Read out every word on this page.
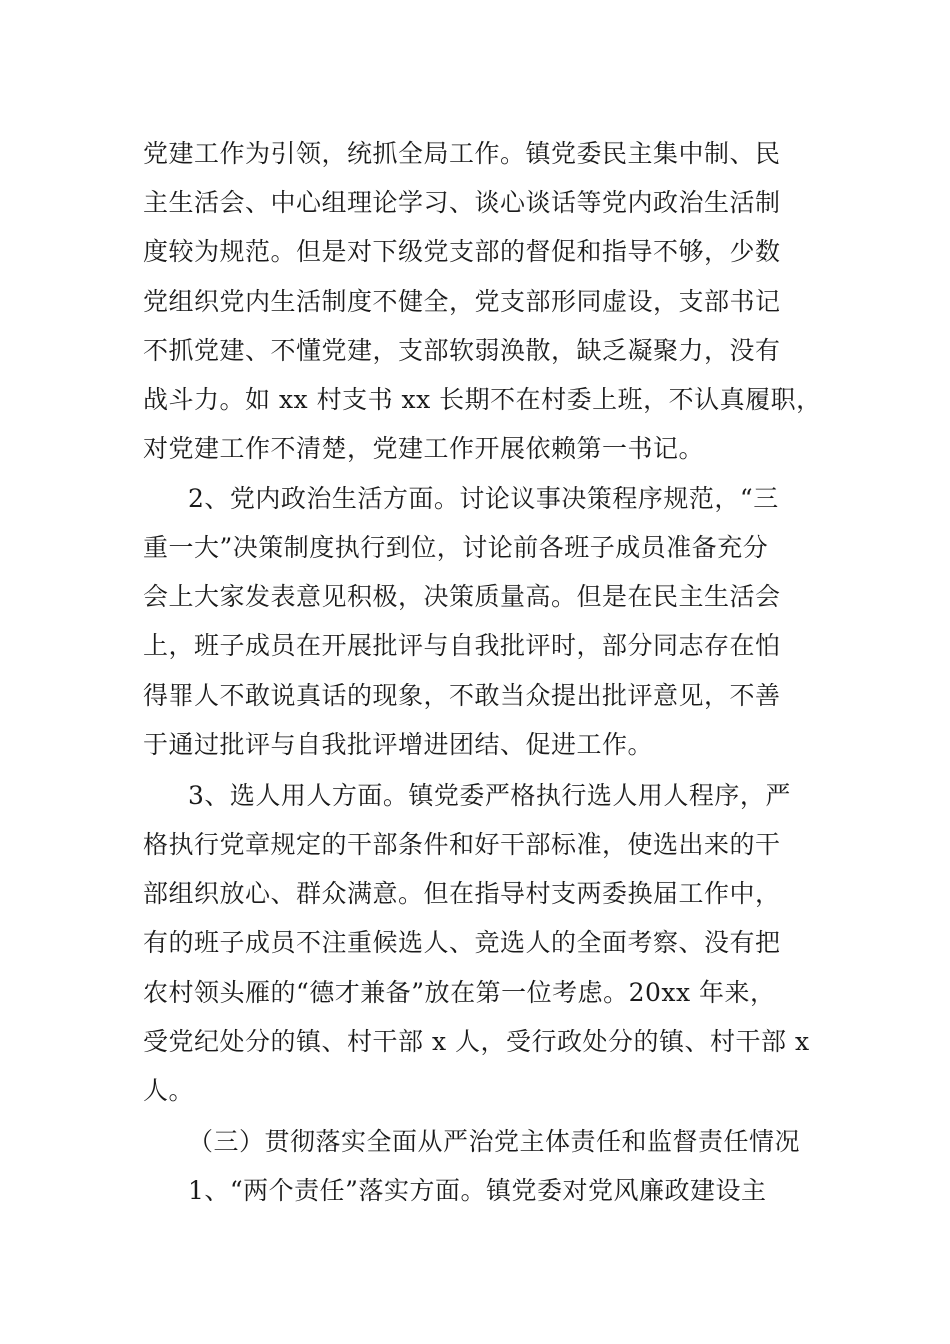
党建工作为引领，统抓全局工作。镇党委民主集中制、民
主生活会、中心组理论学习、谈心谈话等党内政治生活制
度较为规范。但是对下级党支部的督促和指导不够，少数
党组织党内生活制度不健全，党支部形同虚设，支部书记
不抓党建、不懂党建，支部软弱涣散，缺乏凝聚力，没有
战斗力。如 xx 村支书 xx 长期不在村委上班，不认真履职，
对党建工作不清楚，党建工作开展依赖第一书记。
2、党内政治生活方面。讨论议事决策程序规范，“三
重一大”决策制度执行到位，讨论前各班子成员准备充分
会上大家发表意见积极，决策质量高。但是在民主生活会
上，班子成员在开展批评与自我批评时，部分同志存在怕
得罪人不敢说真话的现象，不敢当众提出批评意见，不善
于通过批评与自我批评增进团结、促进工作。
3、选人用人方面。镇党委严格执行选人用人程序，严
格执行党章规定的干部条件和好干部标准，使选出来的干
部组织放心、群众满意。但在指导村支两委换届工作中，
有的班子成员不注重候选人、竞选人的全面考察、没有把
农村领头雁的“德才兼备”放在第一位考虑。20xx 年来，
受党纪处分的镇、村干部 x 人，受行政处分的镇、村干部 x
人。
（三）贯彻落实全面从严治党主体责任和监督责任情况
1、“两个责任”落实方面。镇党委对党风廉政建设主
